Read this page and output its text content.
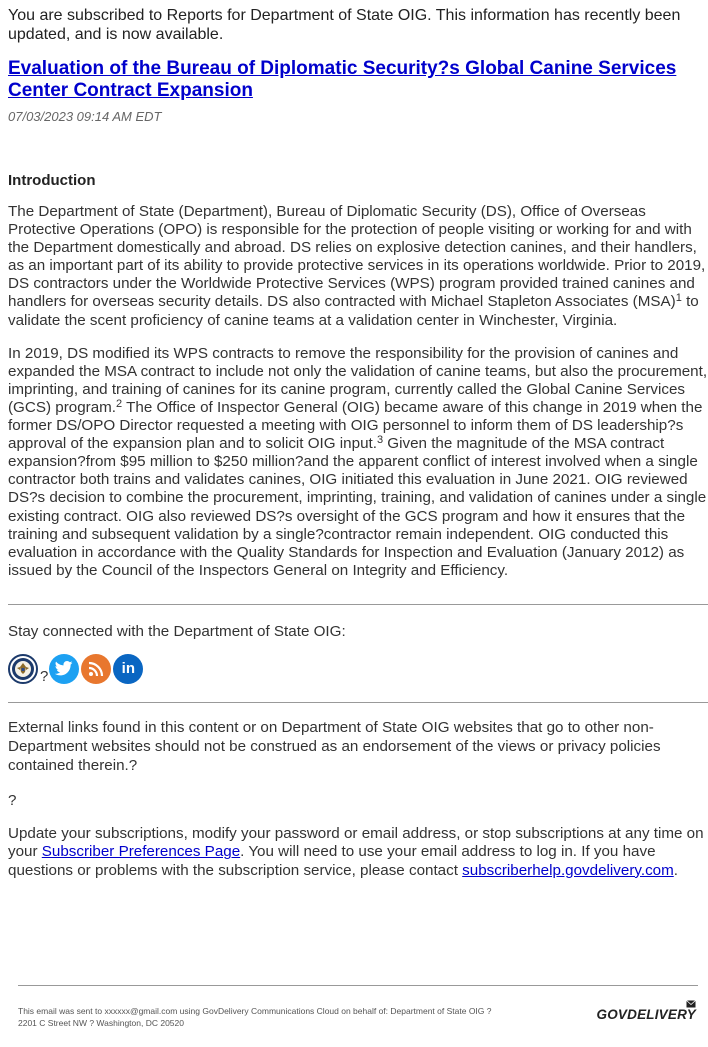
You are subscribed to Reports for Department of State OIG. This information has recently been updated, and is now available.
Evaluation of the Bureau of Diplomatic Security?s Global Canine Services Center Contract Expansion
07/03/2023 09:14 AM EDT
Introduction
The Department of State (Department), Bureau of Diplomatic Security (DS), Office of Overseas Protective Operations (OPO) is responsible for the protection of people visiting or working for and with the Department domestically and abroad. DS relies on explosive detection canines, and their handlers, as an important part of its ability to provide protective services in its operations worldwide. Prior to 2019, DS contractors under the Worldwide Protective Services (WPS) program provided trained canines and handlers for overseas security details. DS also contracted with Michael Stapleton Associates (MSA)$^1$ to validate the scent proficiency of canine teams at a validation center in Winchester, Virginia.
In 2019, DS modified its WPS contracts to remove the responsibility for the provision of canines and expanded the MSA contract to include not only the validation of canine teams, but also the procurement, imprinting, and training of canines for its canine program, currently called the Global Canine Services (GCS) program.$^2$ The Office of Inspector General (OIG) became aware of this change in 2019 when the former DS/OPO Director requested a meeting with OIG personnel to inform them of DS leadership?s approval of the expansion plan and to solicit OIG input.$^3$ Given the magnitude of the MSA contract expansion?from $95 million to $250 million?and the apparent conflict of interest involved when a single contractor both trains and validates canines, OIG initiated this evaluation in June 2021. OIG reviewed DS?s decision to combine the procurement, imprinting, training, and validation of canines under a single existing contract. OIG also reviewed DS?s oversight of the GCS program and how it ensures that the training and subsequent validation by a single?contractor remain independent. OIG conducted this evaluation in accordance with the Quality Standards for Inspection and Evaluation (January 2012) as issued by the Council of the Inspectors General on Integrity and Efficiency.
Stay connected with the Department of State OIG:
?	in
External links found in this content or on Department of State OIG websites that go to other non-Department websites should not be construed as an endorsement of the views or privacy policies contained therein.?
?
Update your subscriptions, modify your password or email address, or stop subscriptions at any time on your Subscriber Preferences Page. You will need to use your email address to log in. If you have questions or problems with the subscription service, please contact subscriberhelp.govdelivery.com.
This email was sent to xxxxxx@gmail.com using GovDelivery Communications Cloud on behalf of: Department of State OIG ?
2201 C Street NW ? Washington, DC 20520
GOVDELIVERY
